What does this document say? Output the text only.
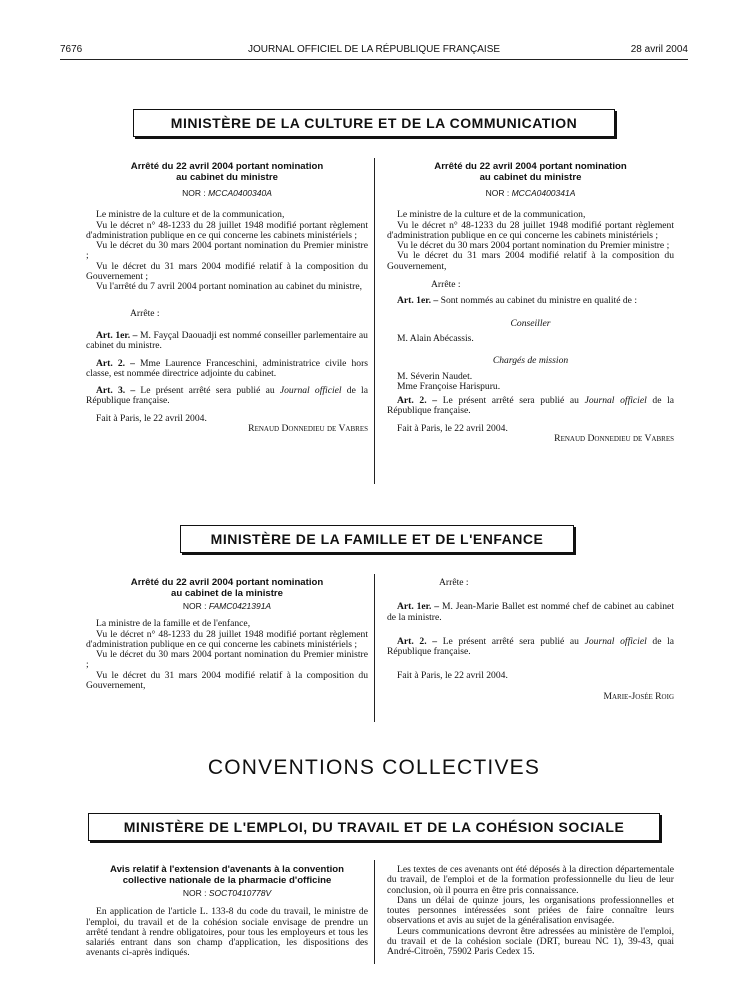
7676	JOURNAL OFFICIEL DE LA RÉPUBLIQUE FRANÇAISE	28 avril 2004
MINISTÈRE DE LA CULTURE ET DE LA COMMUNICATION
Arrêté du 22 avril 2004 portant nomination
au cabinet du ministre
NOR : MCCA0400340A

Le ministre de la culture et de la communication,

Vu le décret n° 48-1233 du 28 juillet 1948 modifié portant règlement d'administration publique en ce qui concerne les cabinets ministériels ;

Vu le décret du 30 mars 2004 portant nomination du Premier ministre ;

Vu le décret du 31 mars 2004 modifié relatif à la composition du Gouvernement ;

Vu l'arrêté du 7 avril 2004 portant nomination au cabinet du ministre,

Arrête :

Art. 1er. – M. Fayçal Daouadji est nommé conseiller parlementaire au cabinet du ministre.

Art. 2. – Mme Laurence Franceschini, administratrice civile hors classe, est nommée directrice adjointe du cabinet.

Art. 3. – Le présent arrêté sera publié au Journal officiel de la République française.

Fait à Paris, le 22 avril 2004.

Renaud Donnedieu de Vabres

Arrêté du 22 avril 2004 portant nomination
au cabinet du ministre
NOR : MCCA0400341A

Le ministre de la culture et de la communication,

Vu le décret n° 48-1233 du 28 juillet 1948 modifié portant règlement d'administration publique en ce qui concerne les cabinets ministériels ;

Vu le décret du 30 mars 2004 portant nomination du Premier ministre ;

Vu le décret du 31 mars 2004 modifié relatif à la composition du Gouvernement,

Arrête :

Art. 1er. – Sont nommés au cabinet du ministre en qualité de :

Conseiller

M. Alain Abécassis.

Chargés de mission

M. Séverin Naudet.

Mme Françoise Harispuru.

Art. 2. – Le présent arrêté sera publié au Journal officiel de la République française.

Fait à Paris, le 22 avril 2004.

Renaud Donnedieu de Vabres

MINISTÈRE DE LA FAMILLE ET DE L'ENFANCE
Arrêté du 22 avril 2004 portant nomination
au cabinet de la ministre
NOR : FAMC0421391A

La ministre de la famille et de l'enfance,

Vu le décret n° 48-1233 du 28 juillet 1948 modifié portant règlement d'administration publique en ce qui concerne les cabinets ministériels ;

Vu le décret du 30 mars 2004 portant nomination du Premier ministre ;

Vu le décret du 31 mars 2004 modifié relatif à la composition du Gouvernement,

Arrête :

Art. 1er. – M. Jean-Marie Ballet est nommé chef de cabinet au cabinet de la ministre.

Art. 2. – Le présent arrêté sera publié au Journal officiel de la République française.

Fait à Paris, le 22 avril 2004.

Marie-Josée Roig

CONVENTIONS COLLECTIVES
MINISTÈRE DE L'EMPLOI, DU TRAVAIL ET DE LA COHÉSION SOCIALE
Avis relatif à l'extension d'avenants à la convention
collective nationale de la pharmacie d'officine
NOR : SOCT0410778V

En application de l'article L. 133-8 du code du travail, le ministre de l'emploi, du travail et de la cohésion sociale envisage de prendre un arrêté tendant à rendre obligatoires, pour tous les employeurs et tous les salariés entrant dans son champ d'application, les dispositions des avenants ci-après indiqués.

Les textes de ces avenants ont été déposés à la direction départementale du travail, de l'emploi et de la formation professionnelle du lieu de leur conclusion, où il pourra en être pris connaissance.

Dans un délai de quinze jours, les organisations professionnelles et toutes personnes intéressées sont priées de faire connaître leurs observations et avis au sujet de la généralisation envisagée.

Leurs communications devront être adressées au ministère de l'emploi, du travail et de la cohésion sociale (DRT, bureau NC 1), 39-43, quai André-Citroën, 75902 Paris Cedex 15.
